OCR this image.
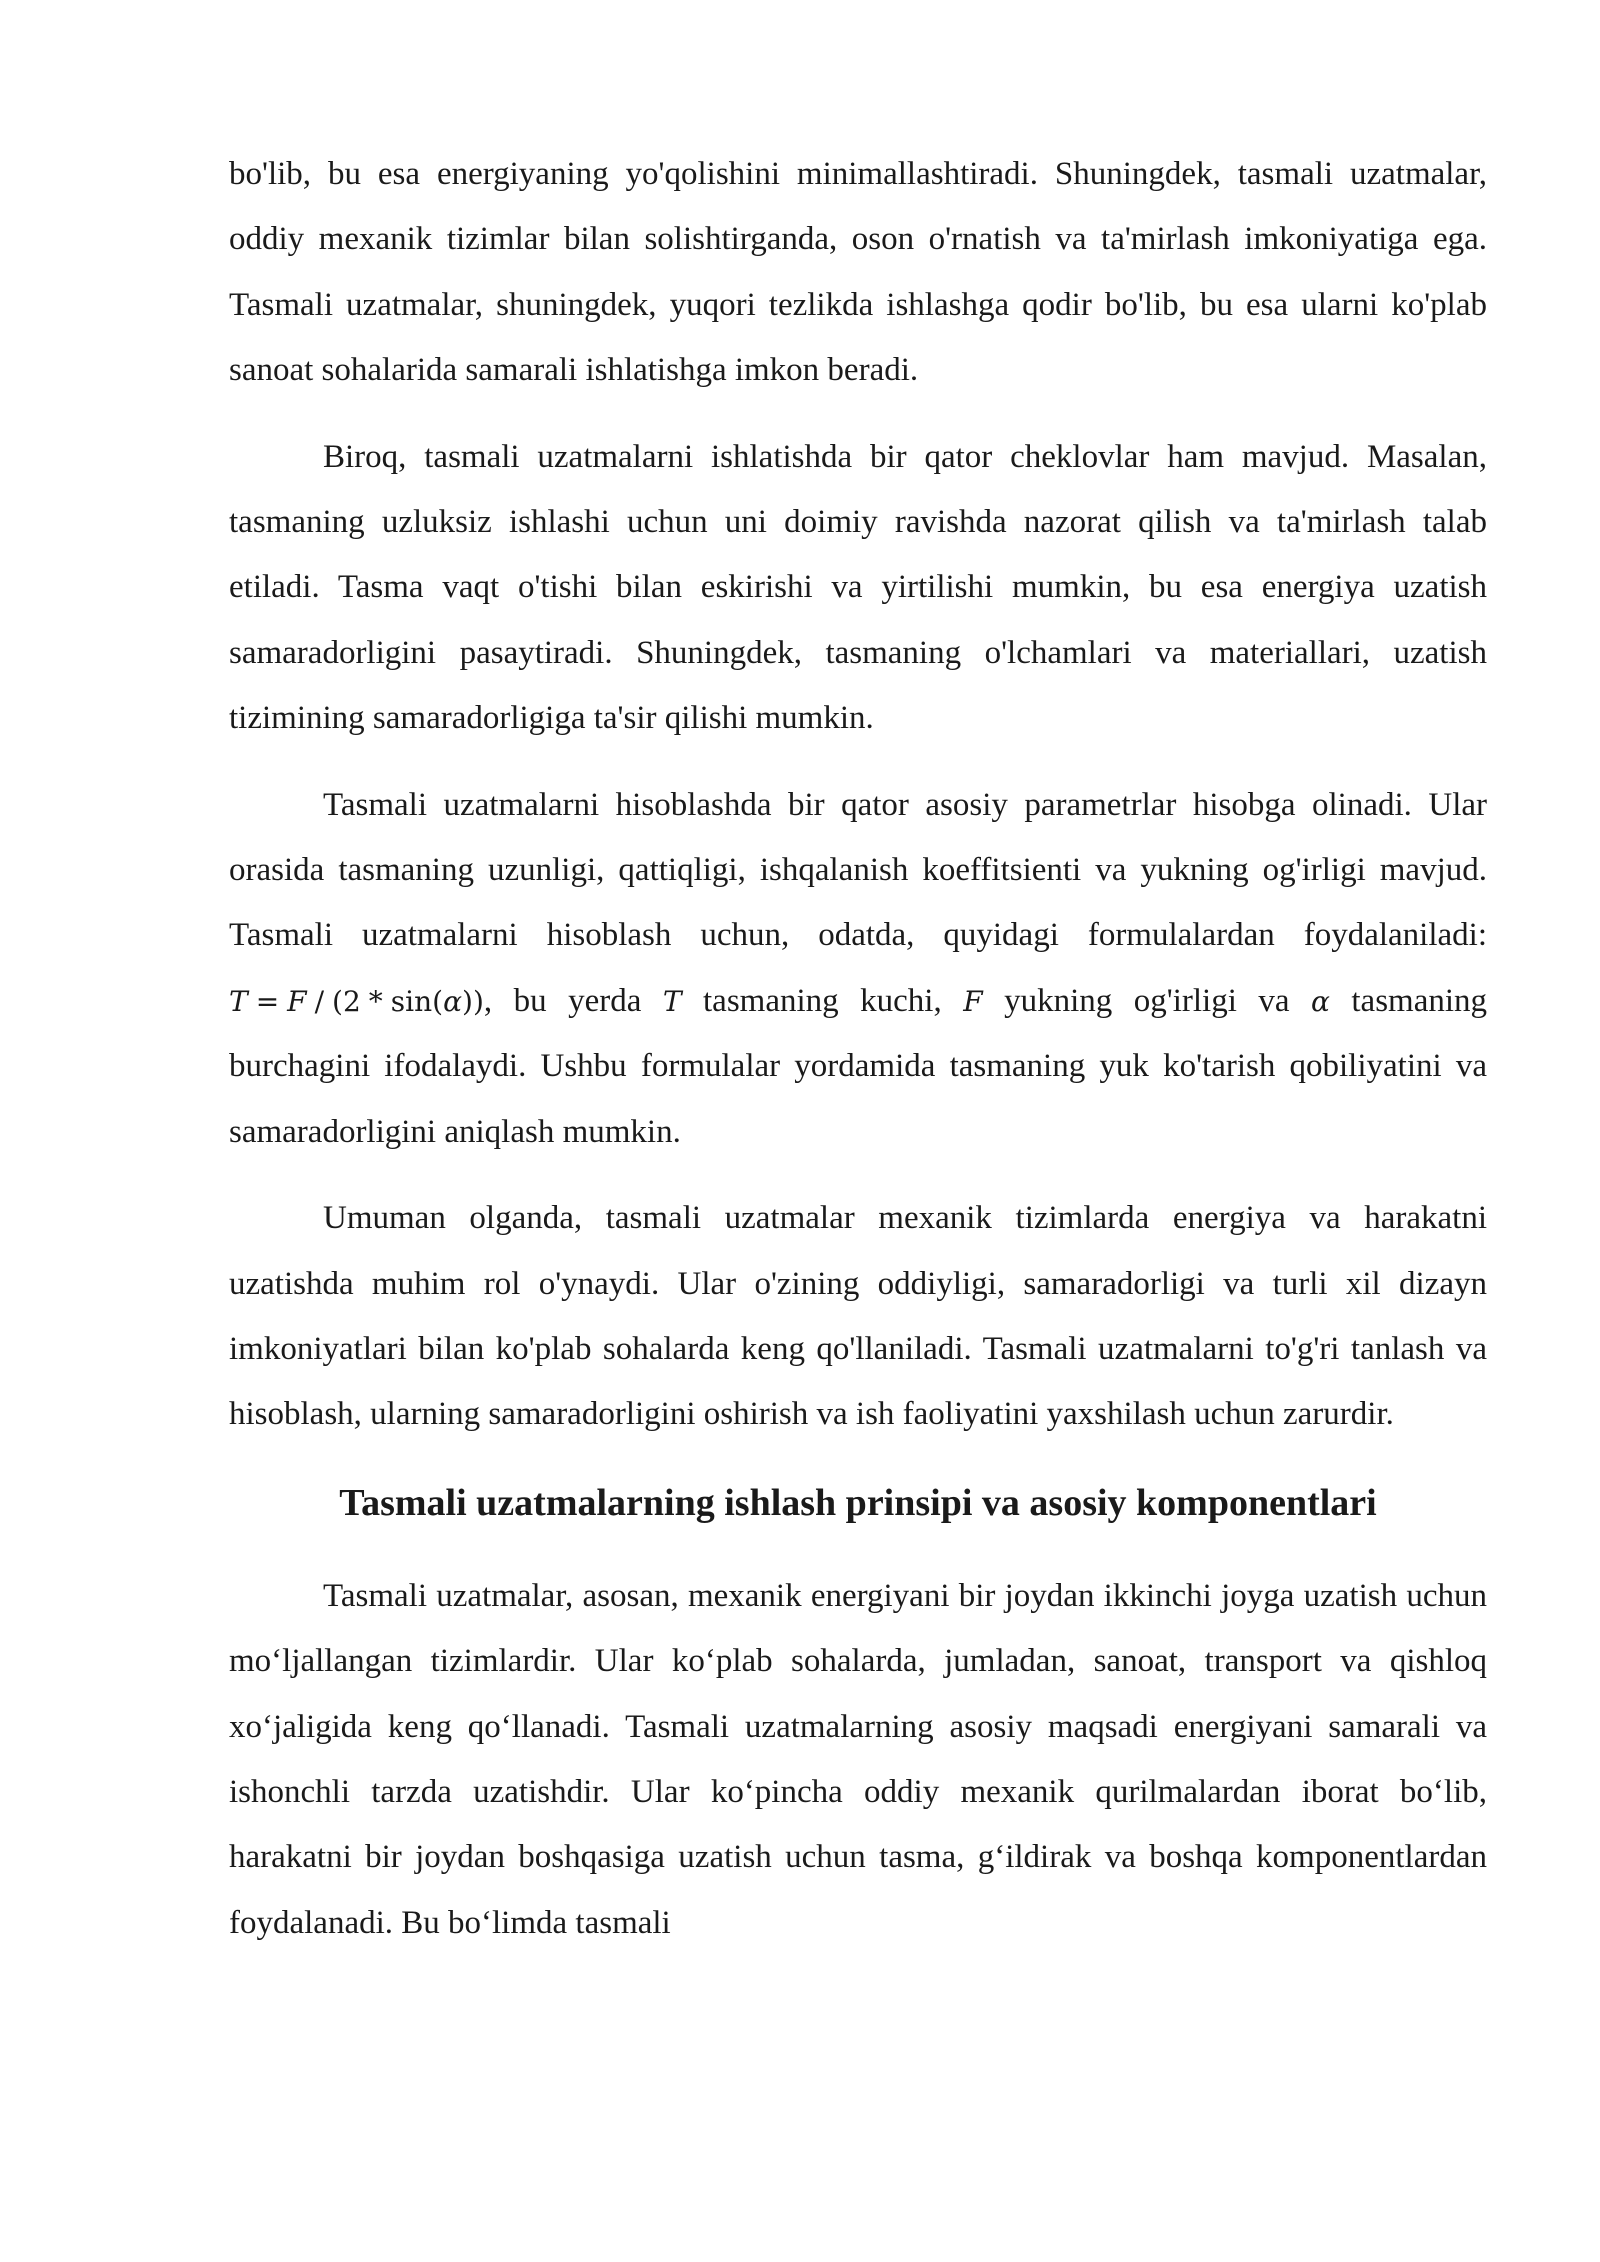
bo'lib, bu esa energiyaning yo'qolishini minimallashtiradi. Shuningdek, tasmali uzatmalar, oddiy mexanik tizimlar bilan solishtirganda, oson o'rnatish va ta'mirlash imkoniyatiga ega. Tasmali uzatmalar, shuningdek, yuqori tezlikda ishlashga qodir bo'lib, bu esa ularni ko'plab sanoat sohalarida samarali ishlatishga imkon beradi.

Biroq, tasmali uzatmalarni ishlatishda bir qator cheklovlar ham mavjud. Masalan, tasmaning uzluksiz ishlashi uchun uni doimiy ravishda nazorat qilish va ta'mirlash talab etiladi. Tasma vaqt o'tishi bilan eskirishi va yirtilishi mumkin, bu esa energiya uzatish samaradorligini pasaytiradi. Shuningdek, tasmaning o'lchamlari va materiallari, uzatish tizimining samaradorligiga ta'sir qilishi mumkin.

Tasmali uzatmalarni hisoblashda bir qator asosiy parametrlar hisobga olinadi. Ular orasida tasmaning uzunligi, qattiqligi, ishqalanish koeffitsienti va yukning og'irligi mavjud. Tasmali uzatmalarni hisoblash uchun, odatda, quyidagi formulalardan foydalaniladi: T = F / (2 * sin(α)), bu yerda T tasmaning kuchi, F yukning og'irligi va α tasmaning burchagini ifodalaydi. Ushbu formulalar yordamida tasmaning yuk ko'tarish qobiliyatini va samaradorligini aniqlash mumkin.

Umuman olganda, tasmali uzatmalar mexanik tizimlarda energiya va harakatni uzatishda muhim rol o'ynaydi. Ular o'zining oddiyligi, samaradorligi va turli xil dizayn imkoniyatlari bilan ko'plab sohalarda keng qo'llaniladi. Tasmali uzatmalarni to'g'ri tanlash va hisoblash, ularning samaradorligini oshirish va ish faoliyatini yaxshilash uchun zarurdir.

Tasmali uzatmalarning ishlash prinsipi va asosiy komponentlari

Tasmali uzatmalar, asosan, mexanik energiyani bir joydan ikkinchi joyga uzatish uchun mo‘ljallangan tizimlardir. Ular ko‘plab sohalarda, jumladan, sanoat, transport va qishloq xo‘jaligida keng qo‘llanadi. Tasmali uzatmalarning asosiy maqsadi energiyani samarali va ishonchli tarzda uzatishdir. Ular ko‘pincha oddiy mexanik qurilmalardan iborat bo‘lib, harakatni bir joydan boshqasiga uzatish uchun tasma, g‘ildirak va boshqa komponentlardan foydalanadi. Bu bo‘limda tasmali
